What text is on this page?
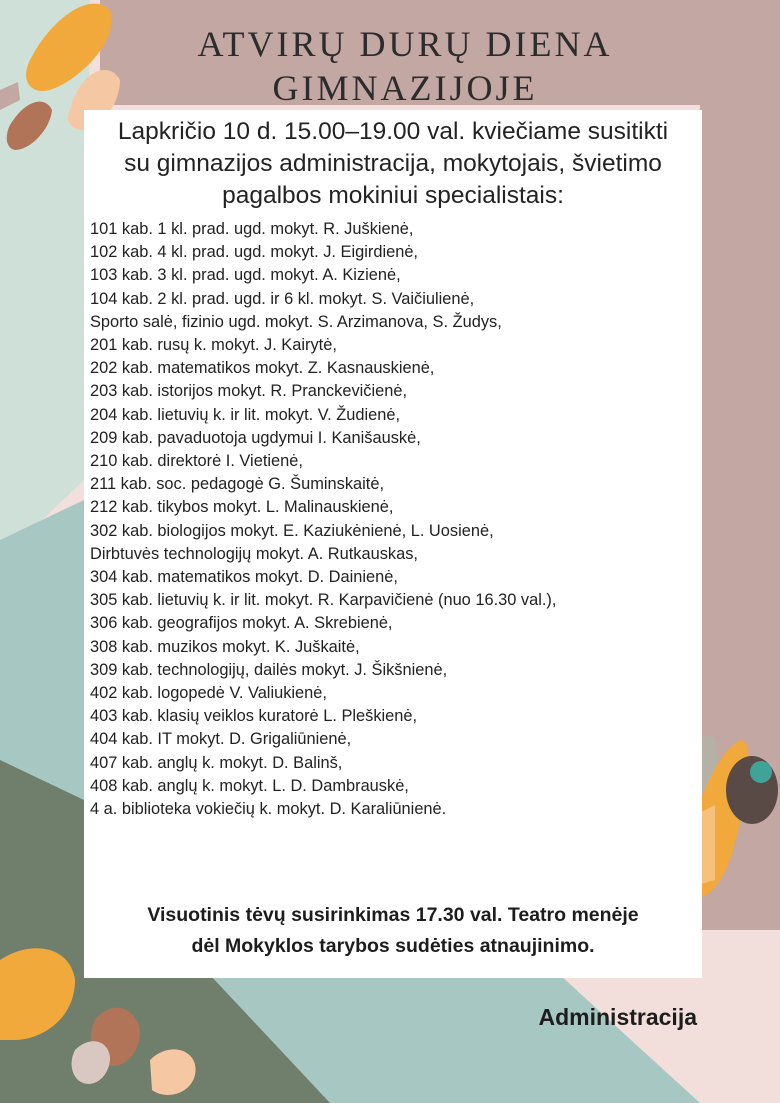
ATVIRŲ DURŲ DIENA
GIMNAZIJOJE

Lapkričio 10 d. 15.00–19.00 val. kviečiame susitikti
su gimnazijos administracija, mokytojais, švietimo
pagalbos mokiniui specialistais:

101 kab. 1 kl. prad. ugd. mokyt. R. Juškienė,
102 kab. 4 kl. prad. ugd. mokyt. J. Eigirdienė,
103 kab. 3 kl. prad. ugd. mokyt. A. Kizienė,
104 kab. 2 kl. prad. ugd. ir 6 kl. mokyt. S. Vaičiulienė,
Sporto salė, fizinio ugd. mokyt. S. Arzimanova, S. Žudys,
201 kab. rusų k. mokyt. J. Kairytė,
202 kab. matematikos mokyt. Z. Kasnauskienė,
203 kab. istorijos mokyt. R. Pranckevičienė,
204 kab. lietuvių k. ir lit. mokyt. V. Žudienė,
209 kab. pavaduotoja ugdymui I. Kanišauskė,
210 kab. direktorė I. Vietienė,
211 kab. soc. pedagogė G. Šuminskaitė,
212 kab. tikybos mokyt. L. Malinauskienė,
302 kab. biologijos mokyt. E. Kaziukėnienė, L. Uosienė,
Dirbtuvės technologijų mokyt. A. Rutkauskas,
304 kab. matematikos mokyt. D. Dainienė,
305 kab. lietuvių k. ir lit. mokyt. R. Karpavičienė (nuo 16.30 val.),
306 kab. geografijos mokyt. A. Skrebienė,
308 kab. muzikos mokyt. K. Juškaitė,
309 kab. technologijų, dailės mokyt. J. Šikšnienė,
402 kab. logopedė V. Valiukienė,
403 kab. klasių veiklos kuratorė L. Pleškienė,
404 kab. IT mokyt. D. Grigaliūnienė,
407 kab. anglų k. mokyt. D. Balinš,
408 kab. anglų k. mokyt. L. D. Dambrauskė,
4 a. biblioteka vokiečių k. mokyt. D. Karaliūnienė.

Visuotinis tėvų susirinkimas 17.30 val. Teatro menėje
dėl Mokyklos tarybos sudėties atnaujinimo.

Administracija
